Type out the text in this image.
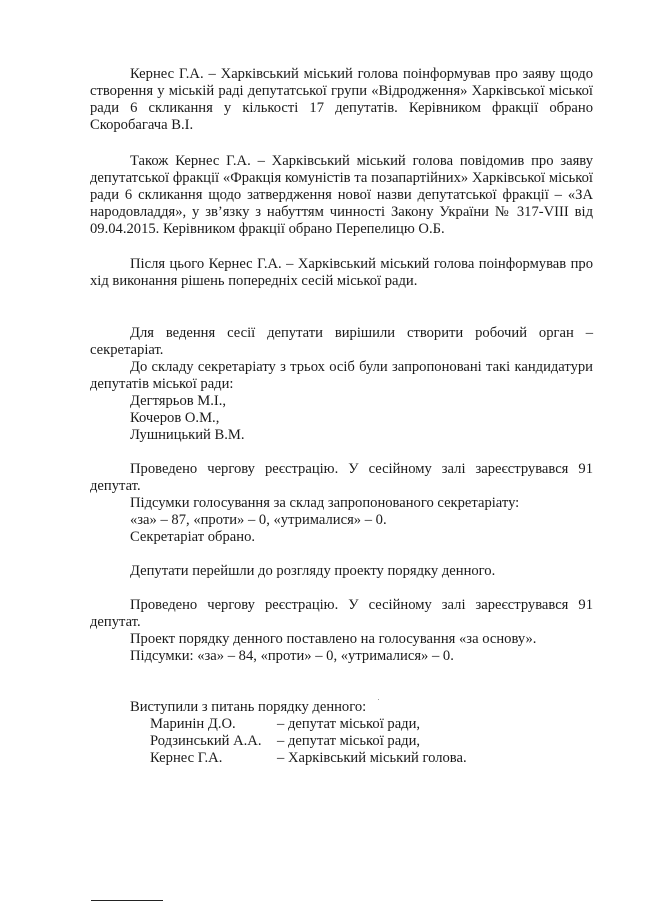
Кернес Г.А. – Харківський міський голова поінформував про заяву щодо створення у міській раді депутатської групи «Відродження» Харківської міської ради 6 скликання у кількості 17 депутатів. Керівником фракції обрано Скоробагача В.І.
Також Кернес Г.А. – Харківський міський голова повідомив про заяву депутатської фракції «Фракція комуністів та позапартійних» Харківської міської ради 6 скликання щодо затвердження нової назви депутатської фракції – «ЗА народовладдя», у зв’язку з набуттям чинності Закону України № 317-VIII від 09.04.2015. Керівником фракції обрано Перепелицю О.Б.
Після цього Кернес Г.А. – Харківський міський голова поінформував про хід виконання рішень попередніх сесій міської ради.
Для ведення сесії депутати вирішили створити робочий орган – секретаріат.
До складу секретаріату з трьох осіб були запропоновані такі кандидатури депутатів міської ради:
Дегтярьов М.І.,
Кочеров О.М.,
Лушницький В.М.
Проведено чергову реєстрацію. У сесійному залі зареєструвався 91 депутат.
Підсумки голосування за склад запропонованого секретаріату:
«за» – 87, «проти» – 0, «утрималися» – 0.
Секретаріат обрано.
Депутати перейшли до розгляду проекту порядку денного.
Проведено чергову реєстрацію. У сесійному залі зареєструвався 91 депутат.
Проект порядку денного поставлено на голосування «за основу».
Підсумки: «за» – 84, «проти» – 0, «утрималися» – 0.
Виступили з питань порядку денного:
Маринін Д.О.	– депутат міської ради,
Родзинський А.А. – депутат міської ради,
Кернес Г.А.	– Харківський міський голова.
